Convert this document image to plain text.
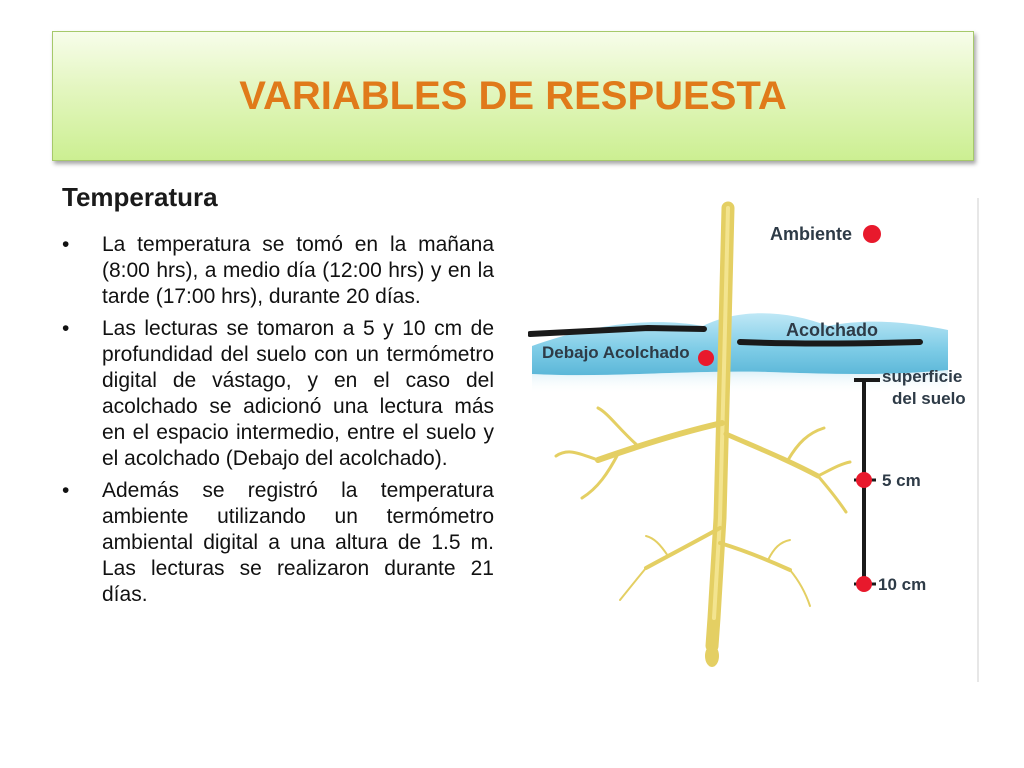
VARIABLES DE RESPUESTA
Temperatura
•	La temperatura se tomó en la mañana (8:00 hrs), a medio día (12:00 hrs) y en la tarde (17:00 hrs), durante 20 días.
•	Las lecturas se tomaron a 5 y 10 cm de profundidad del suelo con un termómetro digital de vástago, y en el caso del acolchado se adicionó una lectura más en el espacio intermedio, entre el suelo y el acolchado (Debajo del acolchado).
•	Además se registró la temperatura ambiente utilizando un termómetro ambiental digital a una altura de 1.5 m. Las lecturas se realizaron durante 21 días.
Ambiente
Acolchado
Debajo Acolchado
superficie
del suelo
5 cm
10 cm
